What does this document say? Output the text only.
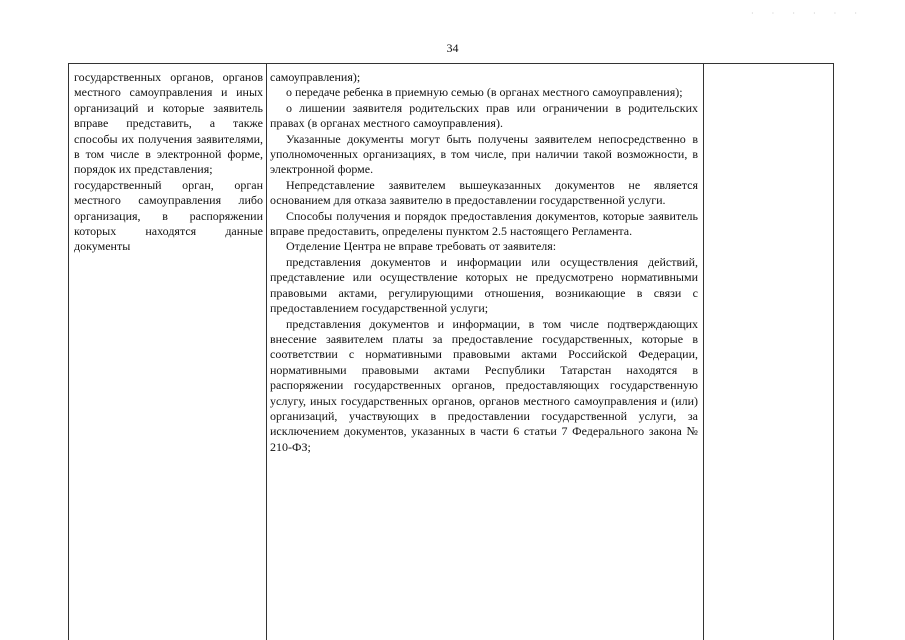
· · · · · ·
34

государственных органов, органов местного самоуправления и иных организаций и которые заявитель вправе представить, а также способы их получения заявителями, в том числе в электронной форме, порядок их представления;

государственный орган, орган местного самоуправления либо организация, в распоряжении которых находятся данные документы

самоуправления);

о передаче ребенка в приемную семью (в органах местного самоуправления);

о лишении заявителя родительских прав или ограничении в родительских правах (в органах местного самоуправления).

Указанные документы могут быть получены заявителем непосредственно в уполномоченных организациях, в том числе, при наличии такой возможности, в электронной форме.

Непредставление заявителем вышеуказанных документов не является основанием для отказа заявителю в предоставлении государственной услуги.

Способы получения и порядок предоставления документов, которые заявитель вправе предоставить, определены пунктом 2.5 настоящего Регламента.

Отделение Центра не вправе требовать от заявителя:

представления документов и информации или осуществления действий, представление или осуществление которых не предусмотрено нормативными правовыми актами, регулирующими отношения, возникающие в связи с предоставлением государственной услуги;

представления документов и информации, в том числе подтверждающих внесение заявителем платы за предоставление государственных, которые в соответствии с нормативными правовыми актами Российской Федерации, нормативными правовыми актами Республики Татарстан находятся в распоряжении государственных органов, предоставляющих государственную услугу, иных государственных органов, органов местного самоуправления и (или) организаций, участвующих в предоставлении государственной услуги, за исключением документов, указанных в части 6 статьи 7 Федерального закона № 210-ФЗ;
